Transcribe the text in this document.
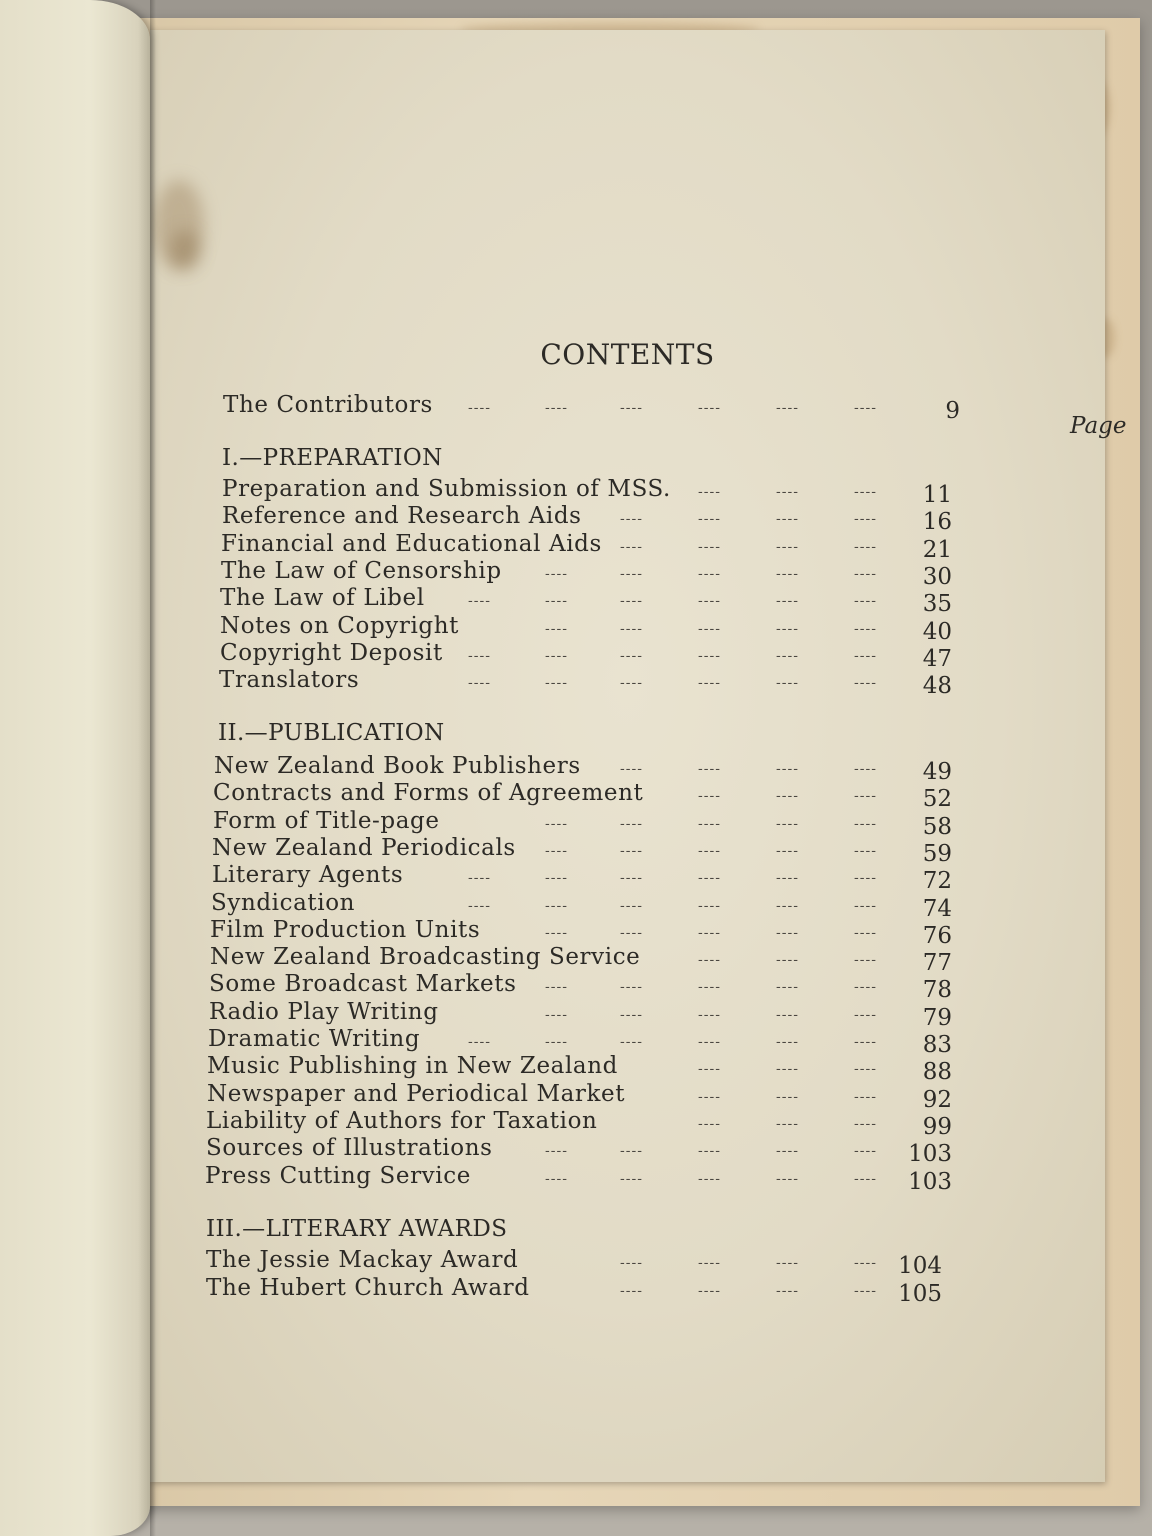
CONTENTS
Page
The Contributors	----	----	----	----	----	----	9
I.—PREPARATION
Preparation and Submission of MSS. ----	----	----	11
Reference and Research Aids	----	----	----	----	16
Financial and Educational Aids ----	----	----	----	21
The Law of Censorship	----	----	----	----	----	30
The Law of Libel	----	----	----	----	----	----	35
Notes on Copyright	----	----	----	----	----	40
Copyright Deposit ----	----	----	----	----	----	47
Translators	----	----	----	----	----	----	48
II.—PUBLICATION
New Zealand Book Publishers	----	----	----	----	49
Contracts and Forms of Agreement	----	----	----	52
Form of Title-page	----	----	----	----	----	58
New Zealand Periodicals ----	----	----	----	----	59
Literary Agents	----	----	----	----	----	----	72
Syndication	----	----	----	----	----	----	74
Film Production Units	----	----	----	----	----	76
New Zealand Broadcasting Service	----	----	----	77
Some Broadcast Markets ----	----	----	----	----	78
Radio Play Writing	----	----	----	----	----	79
Dramatic Writing	----	----	----	----	----	----	83
Music Publishing in New Zealand	----	----	----	88
Newspaper and Periodical Market	----	----	----	92
Liability of Authors for Taxation	----	----	----	99
Sources of Illustrations	----	----	----	----	----	103
Press Cutting Service	----	----	----	----	----	103
III.—LITERARY AWARDS
The Jessie Mackay Award	----	----	----	---- 104
The Hubert Church Award	----	----	----	---- 105
